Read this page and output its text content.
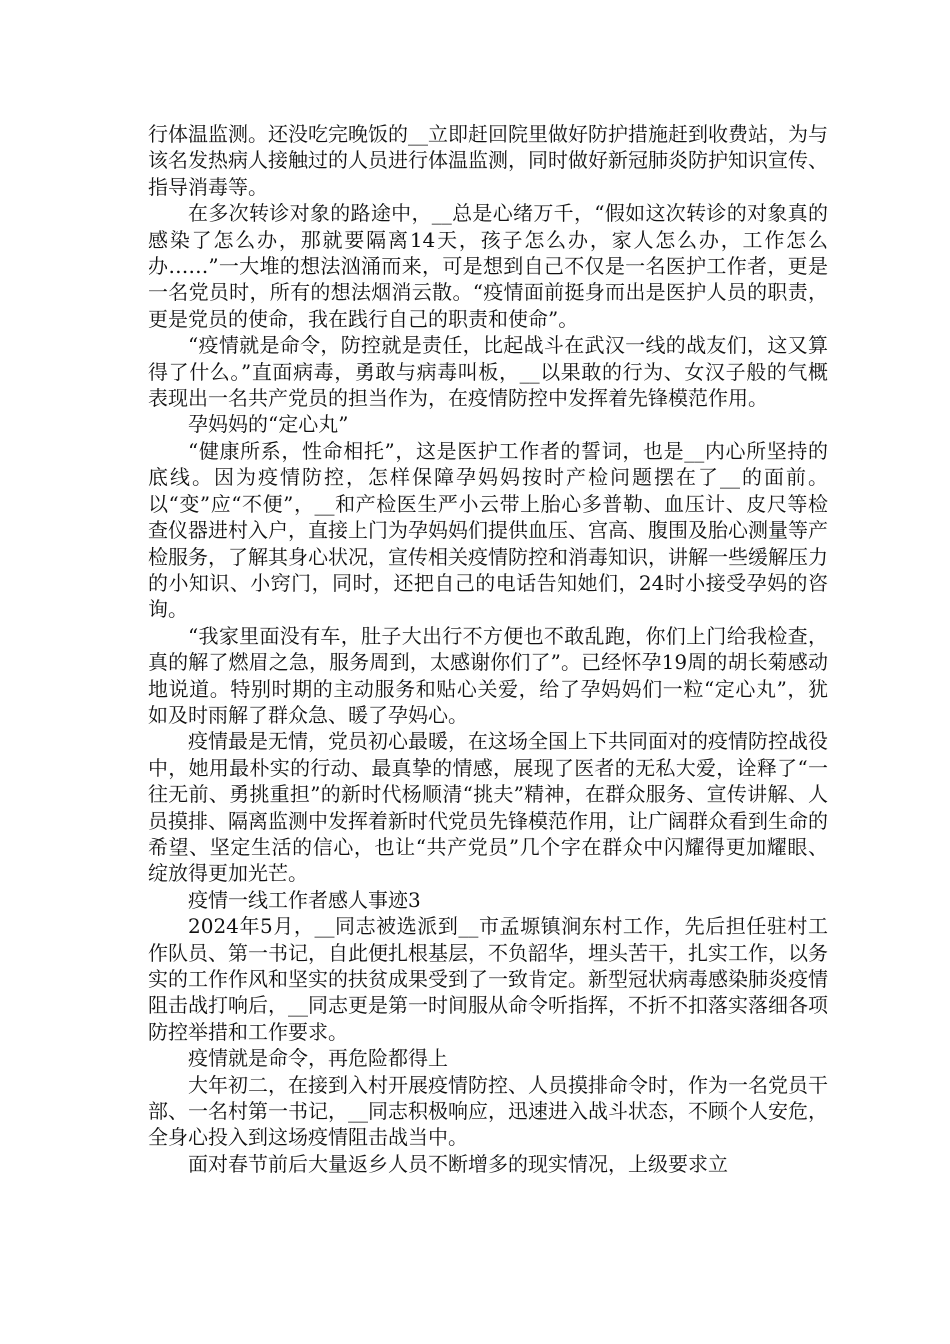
行体温监测。还没吃完晚饭的__立即赶回院里做好防护措施赶到收费站，为与该名发热病人接触过的人员进行体温监测，同时做好新冠肺炎防护知识宣传、指导消毒等。

在多次转诊对象的路途中，__总是心绪万千，“假如这次转诊的对象真的感染了怎么办，那就要隔离14天，孩子怎么办，家人怎么办，工作怎么办……”一大堆的想法汹涌而来，可是想到自己不仅是一名医护工作者，更是一名党员时，所有的想法烟消云散。“疫情面前挺身而出是医护人员的职责，更是党员的使命，我在践行自己的职责和使命”。

“疫情就是命令，防控就是责任，比起战斗在武汉一线的战友们，这又算得了什么。”直面病毒，勇敢与病毒叫板，__以果敢的行为、女汉子般的气概表现出一名共产党员的担当作为，在疫情防控中发挥着先锋模范作用。

孕妈妈的“定心丸”

“健康所系，性命相托”，这是医护工作者的誓词，也是__内心所坚持的底线。因为疫情防控，怎样保障孕妈妈按时产检问题摆在了__的面前。以“变”应“不便”，__和产检医生严小云带上胎心多普勒、血压计、皮尺等检查仪器进村入户，直接上门为孕妈妈们提供血压、宫高、腹围及胎心测量等产检服务，了解其身心状况，宣传相关疫情防控和消毒知识，讲解一些缓解压力的小知识、小窍门，同时，还把自己的电话告知她们，24时小接受孕妈的咨询。

“我家里面没有车，肚子大出行不方便也不敢乱跑，你们上门给我检查，真的解了燃眉之急，服务周到，太感谢你们了”。已经怀孕19周的胡长菊感动地说道。特别时期的主动服务和贴心关爱，给了孕妈妈们一粒“定心丸”，犹如及时雨解了群众急、暖了孕妈心。

疫情最是无情，党员初心最暖，在这场全国上下共同面对的疫情防控战役中，她用最朴实的行动、最真挚的情感，展现了医者的无私大爱，诠释了“一往无前、勇挑重担”的新时代杨顺清“挑夫”精神，在群众服务、宣传讲解、人员摸排、隔离监测中发挥着新时代党员先锋模范作用，让广阔群众看到生命的希望、坚定生活的信心，也让“共产党员”几个字在群众中闪耀得更加耀眼、绽放得更加光芒。

疫情一线工作者感人事迹3

2024年5月，__同志被选派到__市孟塬镇涧东村工作，先后担任驻村工作队员、第一书记，自此便扎根基层，不负韶华，埋头苦干，扎实工作，以务实的工作作风和坚实的扶贫成果受到了一致肯定。新型冠状病毒感染肺炎疫情阻击战打响后，__同志更是第一时间服从命令听指挥，不折不扣落实落细各项防控举措和工作要求。

疫情就是命令，再危险都得上

大年初二，在接到入村开展疫情防控、人员摸排命令时，作为一名党员干部、一名村第一书记，__同志积极响应，迅速进入战斗状态，不顾个人安危，全身心投入到这场疫情阻击战当中。

面对春节前后大量返乡人员不断增多的现实情况，上级要求立
